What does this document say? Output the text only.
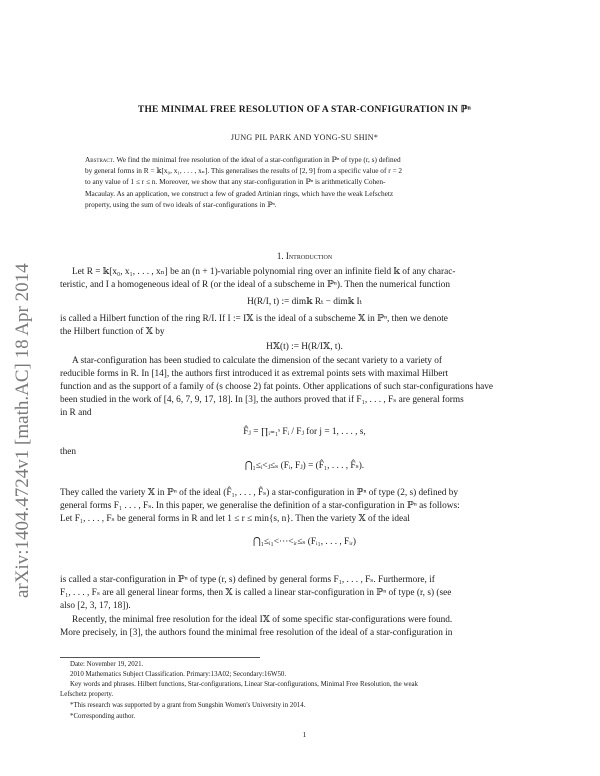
arXiv:1404.4724v1 [math.AC] 18 Apr 2014
THE MINIMAL FREE RESOLUTION OF A STAR-CONFIGURATION IN ℙⁿ
JUNG PIL PARK AND YONG-SU SHIN*
Abstract. We find the minimal free resolution of the ideal of a star-configuration in ℙⁿ of type (r, s) defined
by general forms in R = 𝕜[x₀, x₁, . . . , xₙ]. This generalises the results of [2, 9] from a specific value of r = 2
to any value of 1 ≤ r ≤ n. Moreover, we show that any star-configuration in ℙⁿ is arithmetically Cohen-
Macaulay. As an application, we construct a few of graded Artinian rings, which have the weak Lefschetz
property, using the sum of two ideals of star-configurations in ℙⁿ.
1. Introduction
Let R = 𝕜[x₀, x₁, . . . , xₙ] be an (n + 1)-variable polynomial ring over an infinite field 𝕜 of any charac-
teristic, and I a homogeneous ideal of R (or the ideal of a subscheme in ℙⁿ). Then the numerical function
H(R/I, t) := dim𝕜 Rₜ − dim𝕜 Iₜ
is called a Hilbert function of the ring R/I. If I := I𝕏 is the ideal of a subscheme 𝕏 in ℙⁿ, then we denote
the Hilbert function of 𝕏 by
H𝕏(t) := H(R/I𝕏, t).
A star-configuration has been studied to calculate the dimension of the secant variety to a variety of
reducible forms in R. In [14], the authors first introduced it as extremal points sets with maximal Hilbert
function and as the support of a family of (s choose 2) fat points. Other applications of such star-configurations have
been studied in the work of [4, 6, 7, 9, 17, 18]. In [3], the authors proved that if F₁, . . . , Fₛ are general forms
in R and
F̂ⱼ = ∏ᵢ₌₁ˢ Fᵢ / Fⱼ for j = 1, . . . , s,
then
⋂₁≤ᵢ<ⱼ≤ₛ (Fᵢ, Fⱼ) = (F̂₁, . . . , F̂ₛ).
They called the variety 𝕏 in ℙⁿ of the ideal (F̂₁, . . . , F̂ₛ) a star-configuration in ℙⁿ of type (2, s) defined by
general forms F₁ . . . , Fₛ. In this paper, we generalise the definition of a star-configuration in ℙⁿ as follows:
Let F₁, . . . , Fₛ be general forms in R and let 1 ≤ r ≤ min{s, n}. Then the variety 𝕏 of the ideal
⋂₁≤ᵢ₁<···<ᵢᵣ≤ₛ (Fᵢ₁, . . . , Fᵢᵣ)
is called a star-configuration in ℙⁿ of type (r, s) defined by general forms F₁, . . . , Fₛ. Furthermore, if
F₁, . . . , Fₛ are all general linear forms, then 𝕏 is called a linear star-configuration in ℙⁿ of type (r, s) (see
also [2, 3, 17, 18]).
Recently, the minimal free resolution for the ideal I𝕏 of some specific star-configurations were found.
More precisely, in [3], the authors found the minimal free resolution of the ideal of a star-configuration in
Date: November 19, 2021.
2010 Mathematics Subject Classification. Primary:13A02; Secondary:16W50.
Key words and phrases. Hilbert functions, Star-configurations, Linear Star-configurations, Minimal Free Resolution, the weak
Lefschetz property.
*This research was supported by a grant from Sungshin Women's University in 2014.
*Corresponding author.
1
